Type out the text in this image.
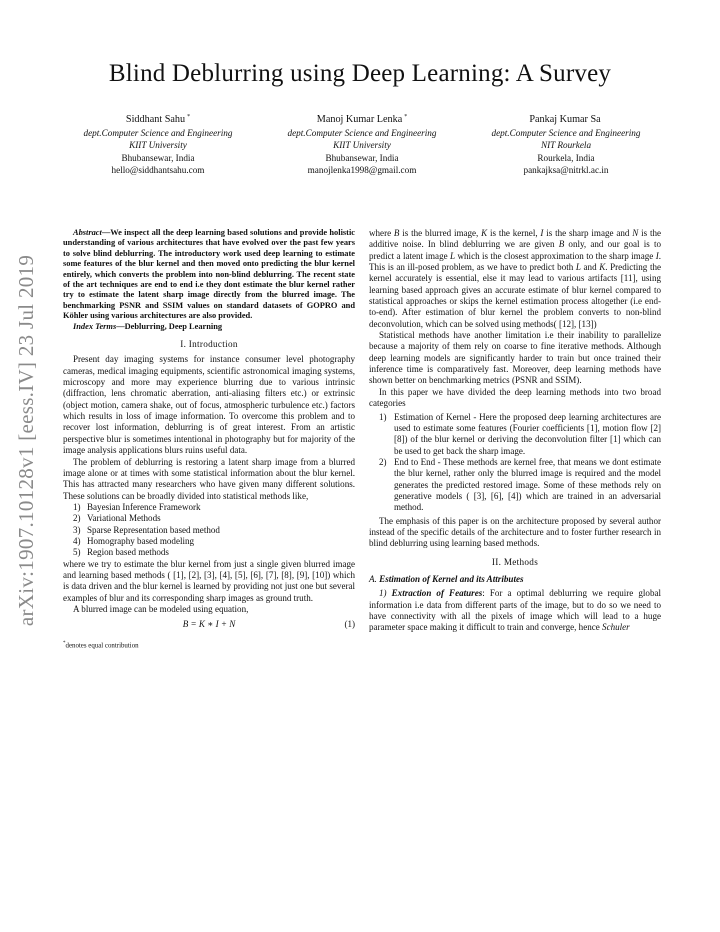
arXiv:1907.10128v1 [eess.IV] 23 Jul 2019
Blind Deblurring using Deep Learning: A Survey
Siddhant Sahu *
dept.Computer Science and Engineering
KIIT University
Bhubansewar, India
hello@siddhantsahu.com
Manoj Kumar Lenka *
dept.Computer Science and Engineering
KIIT University
Bhubansewar, India
manojlenka1998@gmail.com
Pankaj Kumar Sa
dept.Computer Science and Engineering
NIT Rourkela
Rourkela, India
pankajksa@nitrkl.ac.in

Abstract—We inspect all the deep learning based solutions and provide holistic understanding of various architectures that have evolved over the past few years to solve blind deblurring. The introductory work used deep learning to estimate some features of the blur kernel and then moved onto predicting the blur kernel entirely, which converts the problem into non-blind deblurring. The recent state of the art techniques are end to end i.e they dont estimate the blur kernel rather try to estimate the latent sharp image directly from the blurred image. The benchmarking PSNR and SSIM values on standard datasets of GOPRO and Köhler using various architectures are also provided.

Index Terms—Deblurring, Deep Learning

I. Introduction

Present day imaging systems for instance consumer level photography cameras, medical imaging equipments, scientific astronomical imaging systems, microscopy and more may experience blurring due to various intrinsic (diffraction, lens chromatic aberration, anti-aliasing filters etc.) or extrinsic (object motion, camera shake, out of focus, atmospheric turbulence etc.) factors which results in loss of image information. To overcome this problem and to recover lost information, deblurring is of great interest. From an artistic perspective blur is sometimes intentional in photography but for majority of the image analysis applications blurs ruins useful data.

The problem of deblurring is restoring a latent sharp image from a blurred image alone or at times with some statistical information about the blur kernel. This has attracted many researchers who have given many different solutions. These solutions can be broadly divided into statistical methods like,

1) Bayesian Inference Framework
2) Variational Methods
3) Sparse Representation based method
4) Homography based modeling
5) Region based methods

where we try to estimate the blur kernel from just a single given blurred image and learning based methods ( [1], [2], [3], [4], [5], [6], [7], [8], [9], [10]) which is data driven and the blur kernel is learned by providing not just one but several examples of blur and its corresponding sharp images as ground truth.

A blurred image can be modeled using equation,

B = K ∗ I + N	(1)
*denotes equal contribution

where B is the blurred image, K is the kernel, I is the sharp image and N is the additive noise. In blind deblurring we are given B only, and our goal is to predict a latent image L which is the closest approximation to the sharp image I. This is an ill-posed problem, as we have to predict both L and K. Predicting the kernel accurately is essential, else it may lead to various artifacts [11], using learning based approach gives an accurate estimate of blur kernel compared to statistical approaches or skips the kernel estimation process altogether (i.e end-to-end). After estimation of blur kernel the problem converts to non-blind deconvolution, which can be solved using methods( [12], [13])

Statistical methods have another limitation i.e their inability to parallelize because a majority of them rely on coarse to fine iterative methods. Although deep learning models are significantly harder to train but once trained their inference time is comparatively fast. Moreover, deep learning methods have shown better on benchmarking metrics (PSNR and SSIM).

In this paper we have divided the deep learning methods into two broad categories

1) Estimation of Kernel - Here the proposed deep learning architectures are used to estimate some features (Fourier coefficients [1], motion flow [2] [8]) of the blur kernel or deriving the deconvolution filter [1] which can be used to get back the sharp image.
2) End to End - These methods are kernel free, that means we dont estimate the blur kernel, rather only the blurred image is required and the model generates the predicted restored image. Some of these methods rely on generative models ( [3], [6], [4]) which are trained in an adversarial method.

The emphasis of this paper is on the architecture proposed by several author instead of the specific details of the architecture and to foster further research in blind deblurring using learning based methods.

II. Methods
A. Estimation of Kernel and its Attributes

1) Extraction of Features: For a optimal deblurring we require global information i.e data from different parts of the image, but to do so we need to have connectivity with all the pixels of image which will lead to a huge parameter space making it difficult to train and converge, hence Schuler
